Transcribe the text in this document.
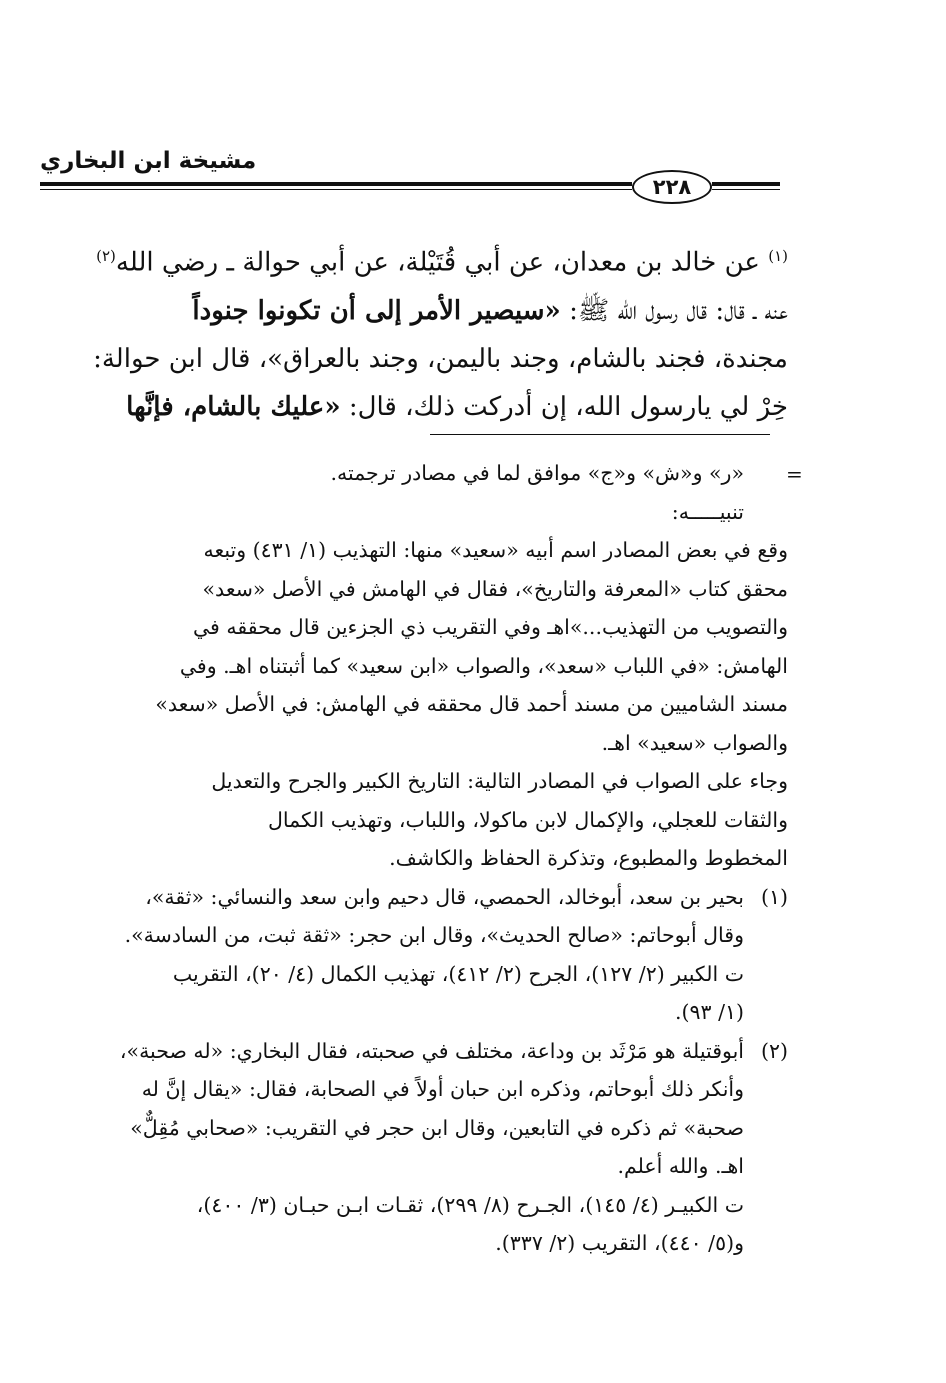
مشيخة ابن البخاري
٢٢٨
$^{(١)}$ عن خالد بن معدان، عن أبي قُتَيْلة، عن أبي حوالة ـ رضي الله$^{(٢)}$
عنه ـ قال: قال رسول الله ﷺ: «سيصير الأمر إلى أن تكونوا جنوداً
مجندة، فجند بالشام، وجند باليمن، وجند بالعراق»، قال ابن حوالة:
خِرْ لي يارسول الله، إن أدركت ذلك، قال: «عليك بالشام، فإنَّها
=
«ر» و«ش» و«ج» موافق لما في مصادر ترجمته.
تنبيـــــه:
وقع في بعض المصادر اسم أبيه «سعيد» منها: التهذيب (١/ ٤٣١) وتبعه
محقق كتاب «المعرفة والتاريخ»، فقال في الهامش في الأصل «سعد»
والتصويب من التهذيب...»اهـ وفي التقريب ذي الجزءين قال محققه في
الهامش: «في اللباب «سعد»، والصواب «ابن سعيد» كما أثبتناه اهـ. وفي
مسند الشاميين من مسند أحمد قال محققه في الهامش: في الأصل «سعد»
والصواب «سعيد» اهـ.
وجاء على الصواب في المصادر التالية: التاريخ الكبير والجرح والتعديل
والثقات للعجلي، والإكمال لابن ماكولا، واللباب، وتهذيب الكمال
المخطوط والمطبوع، وتذكرة الحفاظ والكاشف.
(١)بحير بن سعد، أبوخالد، الحمصي، قال دحيم وابن سعد والنسائي: «ثقة»،
وقال أبوحاتم: «صالح الحديث»، وقال ابن حجر: «ثقة ثبت، من السادسة».
ت الكبير (٢/ ١٢٧)، الجرح (٢/ ٤١٢)، تهذيب الكمال (٤/ ٢٠)، التقريب
(١/ ٩٣).
(٢)أبوقتيلة هو مَرْثَد بن وداعة، مختلف في صحبته، فقال البخاري: «له صحبة»،
وأنكر ذلك أبوحاتم، وذكره ابن حبان أولاً في الصحابة، فقال: «يقال إنَّ له
صحبة» ثم ذكره في التابعين، وقال ابن حجر في التقريب: «صحابي مُقِلٌّ»
اهـ. والله أعلم.
ت الكبيـر (٤/ ١٤٥)، الجـرح (٨/ ٢٩٩)، ثقـات ابـن حبـان (٣/ ٤٠٠)،
و(٥/ ٤٤٠)، التقريب (٢/ ٣٣٧).
